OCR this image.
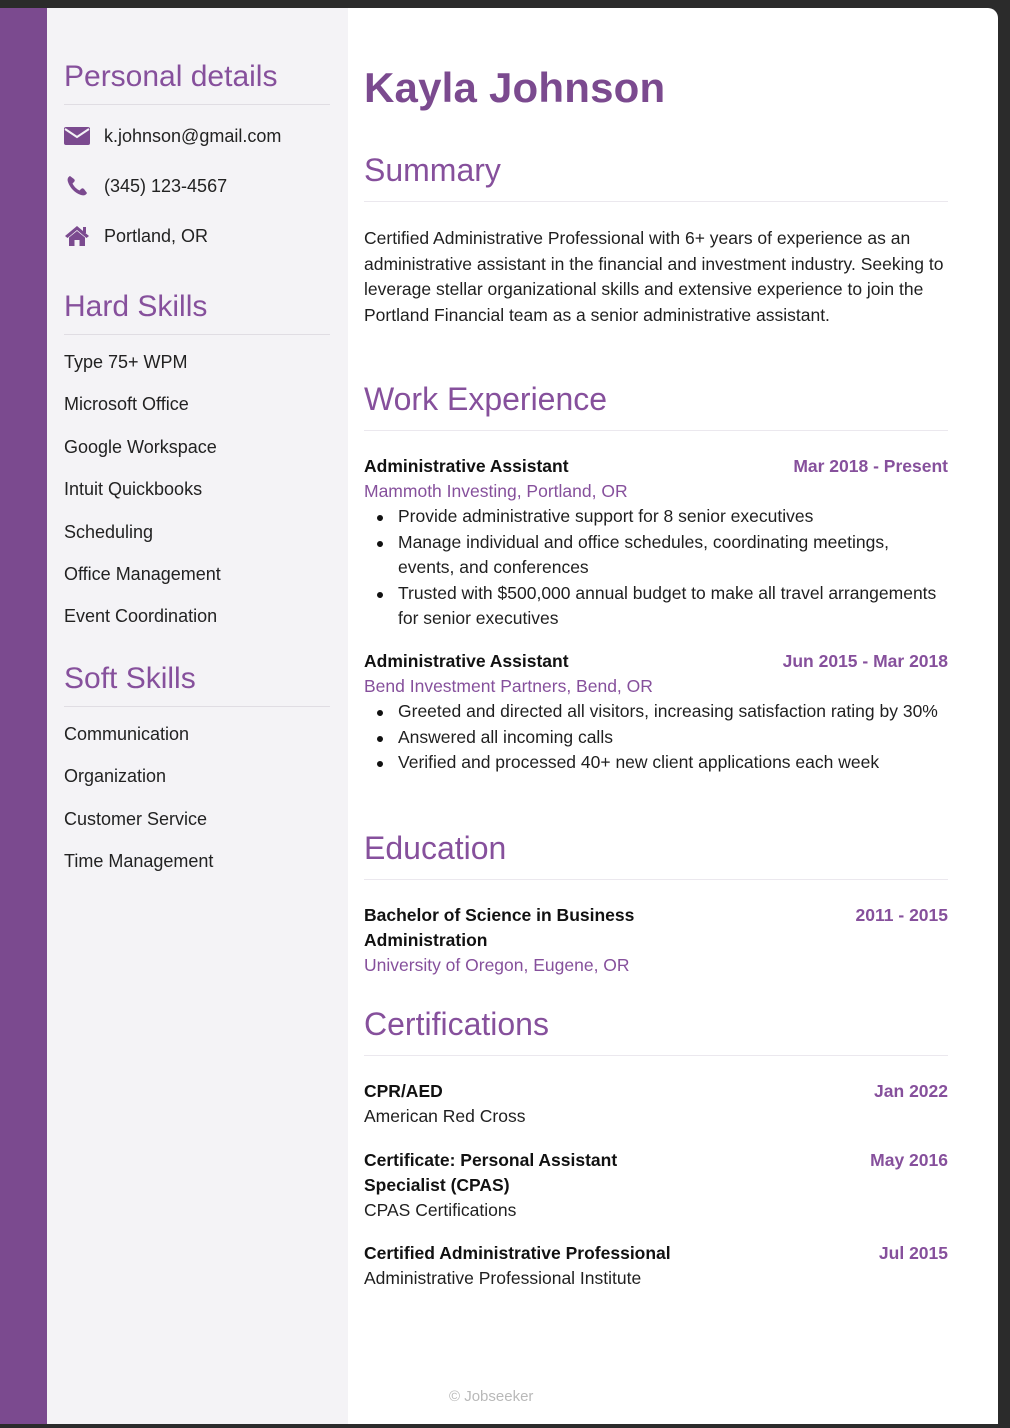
Personal details
k.johnson@gmail.com
(345) 123-4567
Portland, OR
Hard Skills
Type 75+ WPM
Microsoft Office
Google Workspace
Intuit Quickbooks
Scheduling
Office Management
Event Coordination
Soft Skills
Communication
Organization
Customer Service
Time Management
Kayla Johnson
Summary

Certified Administrative Professional with 6+ years of experience as an administrative assistant in the financial and investment industry. Seeking to leverage stellar organizational skills and extensive experience to join the Portland Financial team as a senior administrative assistant.

Work Experience
Administrative Assistant	Mar 2018 - Present
Mammoth Investing, Portland, OR
Provide administrative support for 8 senior executives
Manage individual and office schedules, coordinating meetings, events, and conferences
Trusted with $500,000 annual budget to make all travel arrangements for senior executives
Administrative Assistant	Jun 2015 - Mar 2018
Bend Investment Partners, Bend, OR
Greeted and directed all visitors, increasing satisfaction rating by 30%
Answered all incoming calls
Verified and processed 40+ new client applications each week
Education
Bachelor of Science in Business Administration
2011 - 2015
University of Oregon, Eugene, OR
Certifications
CPR/AED	Jan 2022
American Red Cross
Certificate: Personal Assistant Specialist (CPAS)
May 2016
CPAS Certifications
Certified Administrative Professional	Jul 2015
Administrative Professional Institute
© Jobseeker
